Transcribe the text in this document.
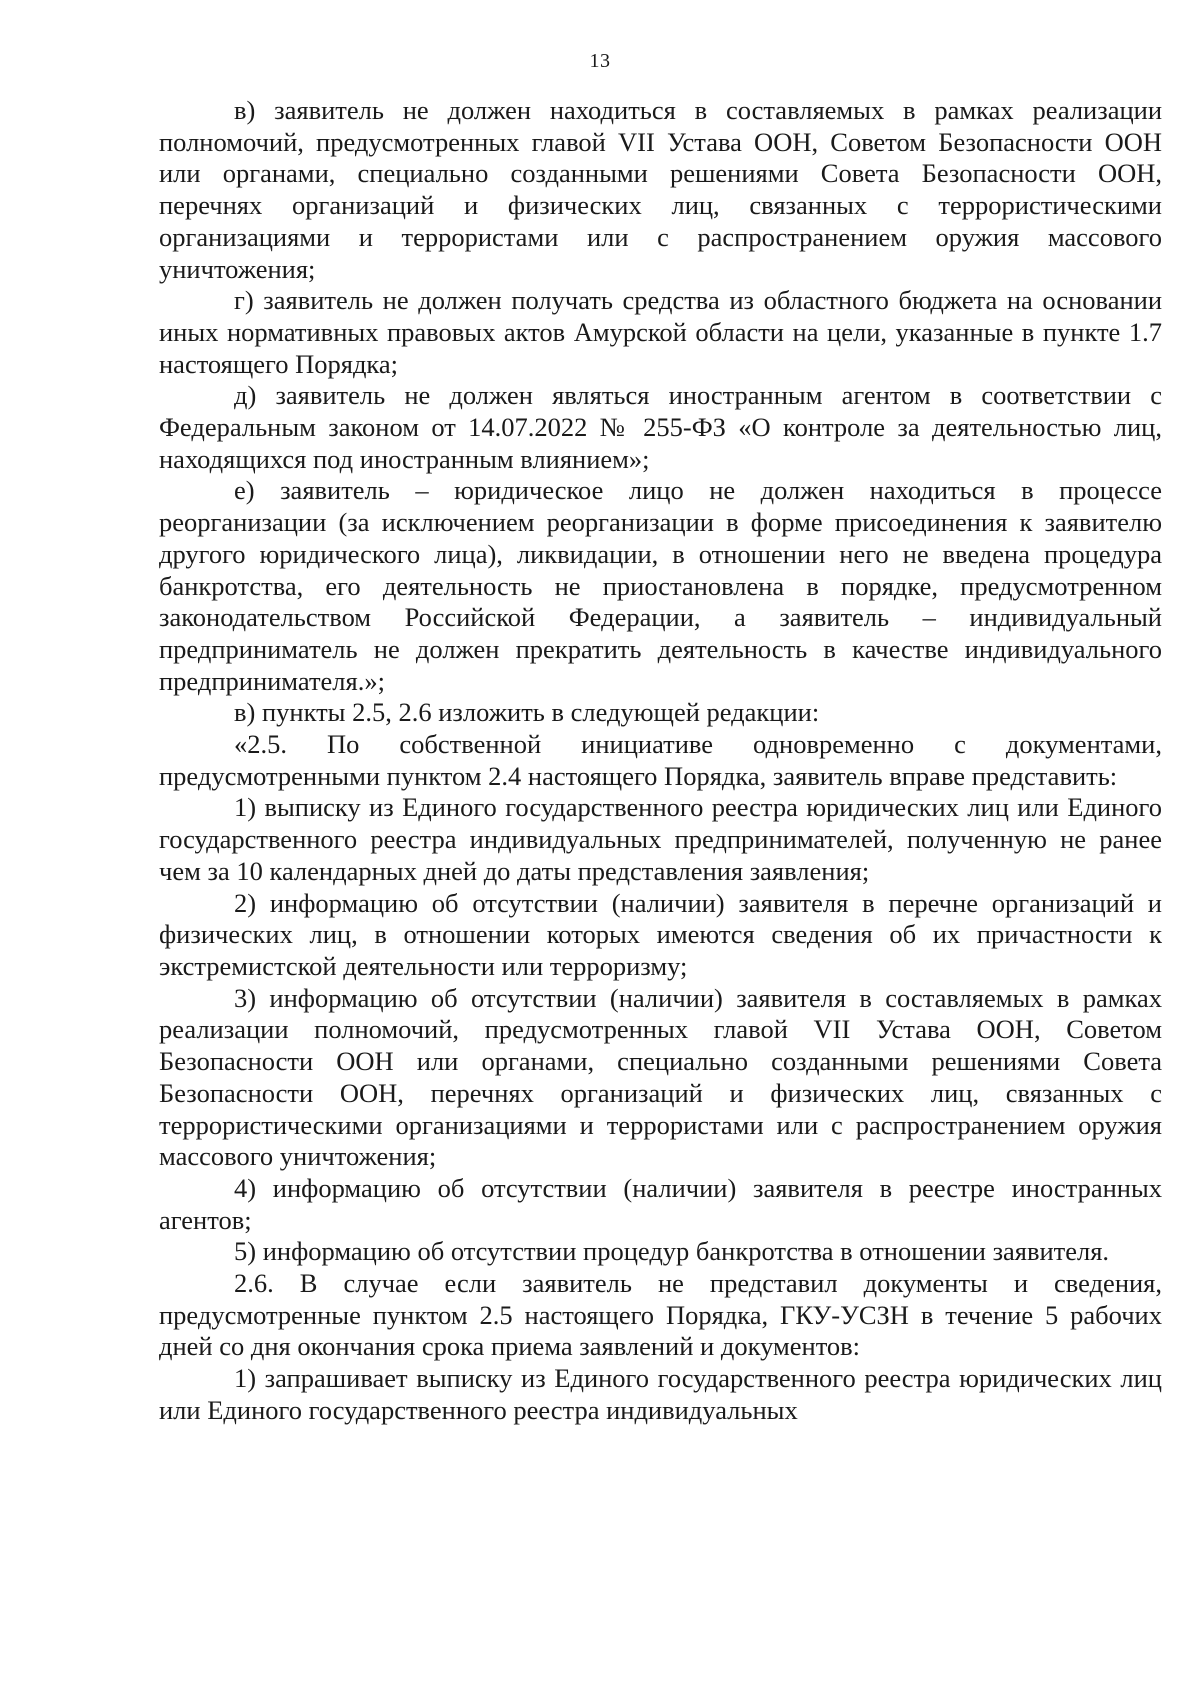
13

в) заявитель не должен находиться в составляемых в рамках реализации полномочий, предусмотренных главой VII Устава ООН, Советом Безопасности ООН или органами, специально созданными решениями Совета Безопасности ООН, перечнях организаций и физических лиц, связанных с террористическими организациями и террористами или с распространением оружия массового уничтожения;

г) заявитель не должен получать средства из областного бюджета на основании иных нормативных правовых актов Амурской области на цели, указанные в пункте 1.7 настоящего Порядка;

д) заявитель не должен являться иностранным агентом в соответствии с Федеральным законом от 14.07.2022 № 255-ФЗ «О контроле за деятельностью лиц, находящихся под иностранным влиянием»;

е) заявитель – юридическое лицо не должен находиться в процессе реорганизации (за исключением реорганизации в форме присоединения к заявителю другого юридического лица), ликвидации, в отношении него не введена процедура банкротства, его деятельность не приостановлена в порядке, предусмотренном законодательством Российской Федерации, а заявитель – индивидуальный предприниматель не должен прекратить деятельность в качестве индивидуального предпринимателя.»;

в) пункты 2.5, 2.6 изложить в следующей редакции:

«2.5. По собственной инициативе одновременно с документами, предусмотренными пунктом 2.4 настоящего Порядка, заявитель вправе представить:

1) выписку из Единого государственного реестра юридических лиц или Единого государственного реестра индивидуальных предпринимателей, полученную не ранее чем за 10 календарных дней до даты представления заявления;

2) информацию об отсутствии (наличии) заявителя в перечне организаций и физических лиц, в отношении которых имеются сведения об их причастности к экстремистской деятельности или терроризму;

3) информацию об отсутствии (наличии) заявителя в составляемых в рамках реализации полномочий, предусмотренных главой VII Устава ООН, Советом Безопасности ООН или органами, специально созданными решениями Совета Безопасности ООН, перечнях организаций и физических лиц, связанных с террористическими организациями и террористами или с распространением оружия массового уничтожения;

4) информацию об отсутствии (наличии) заявителя в реестре иностранных агентов;

5) информацию об отсутствии процедур банкротства в отношении заявителя.

2.6. В случае если заявитель не представил документы и сведения, предусмотренные пунктом 2.5 настоящего Порядка, ГКУ-УСЗН в течение 5 рабочих дней со дня окончания срока приема заявлений и документов:

1) запрашивает выписку из Единого государственного реестра юридических лиц или Единого государственного реестра индивидуальных
